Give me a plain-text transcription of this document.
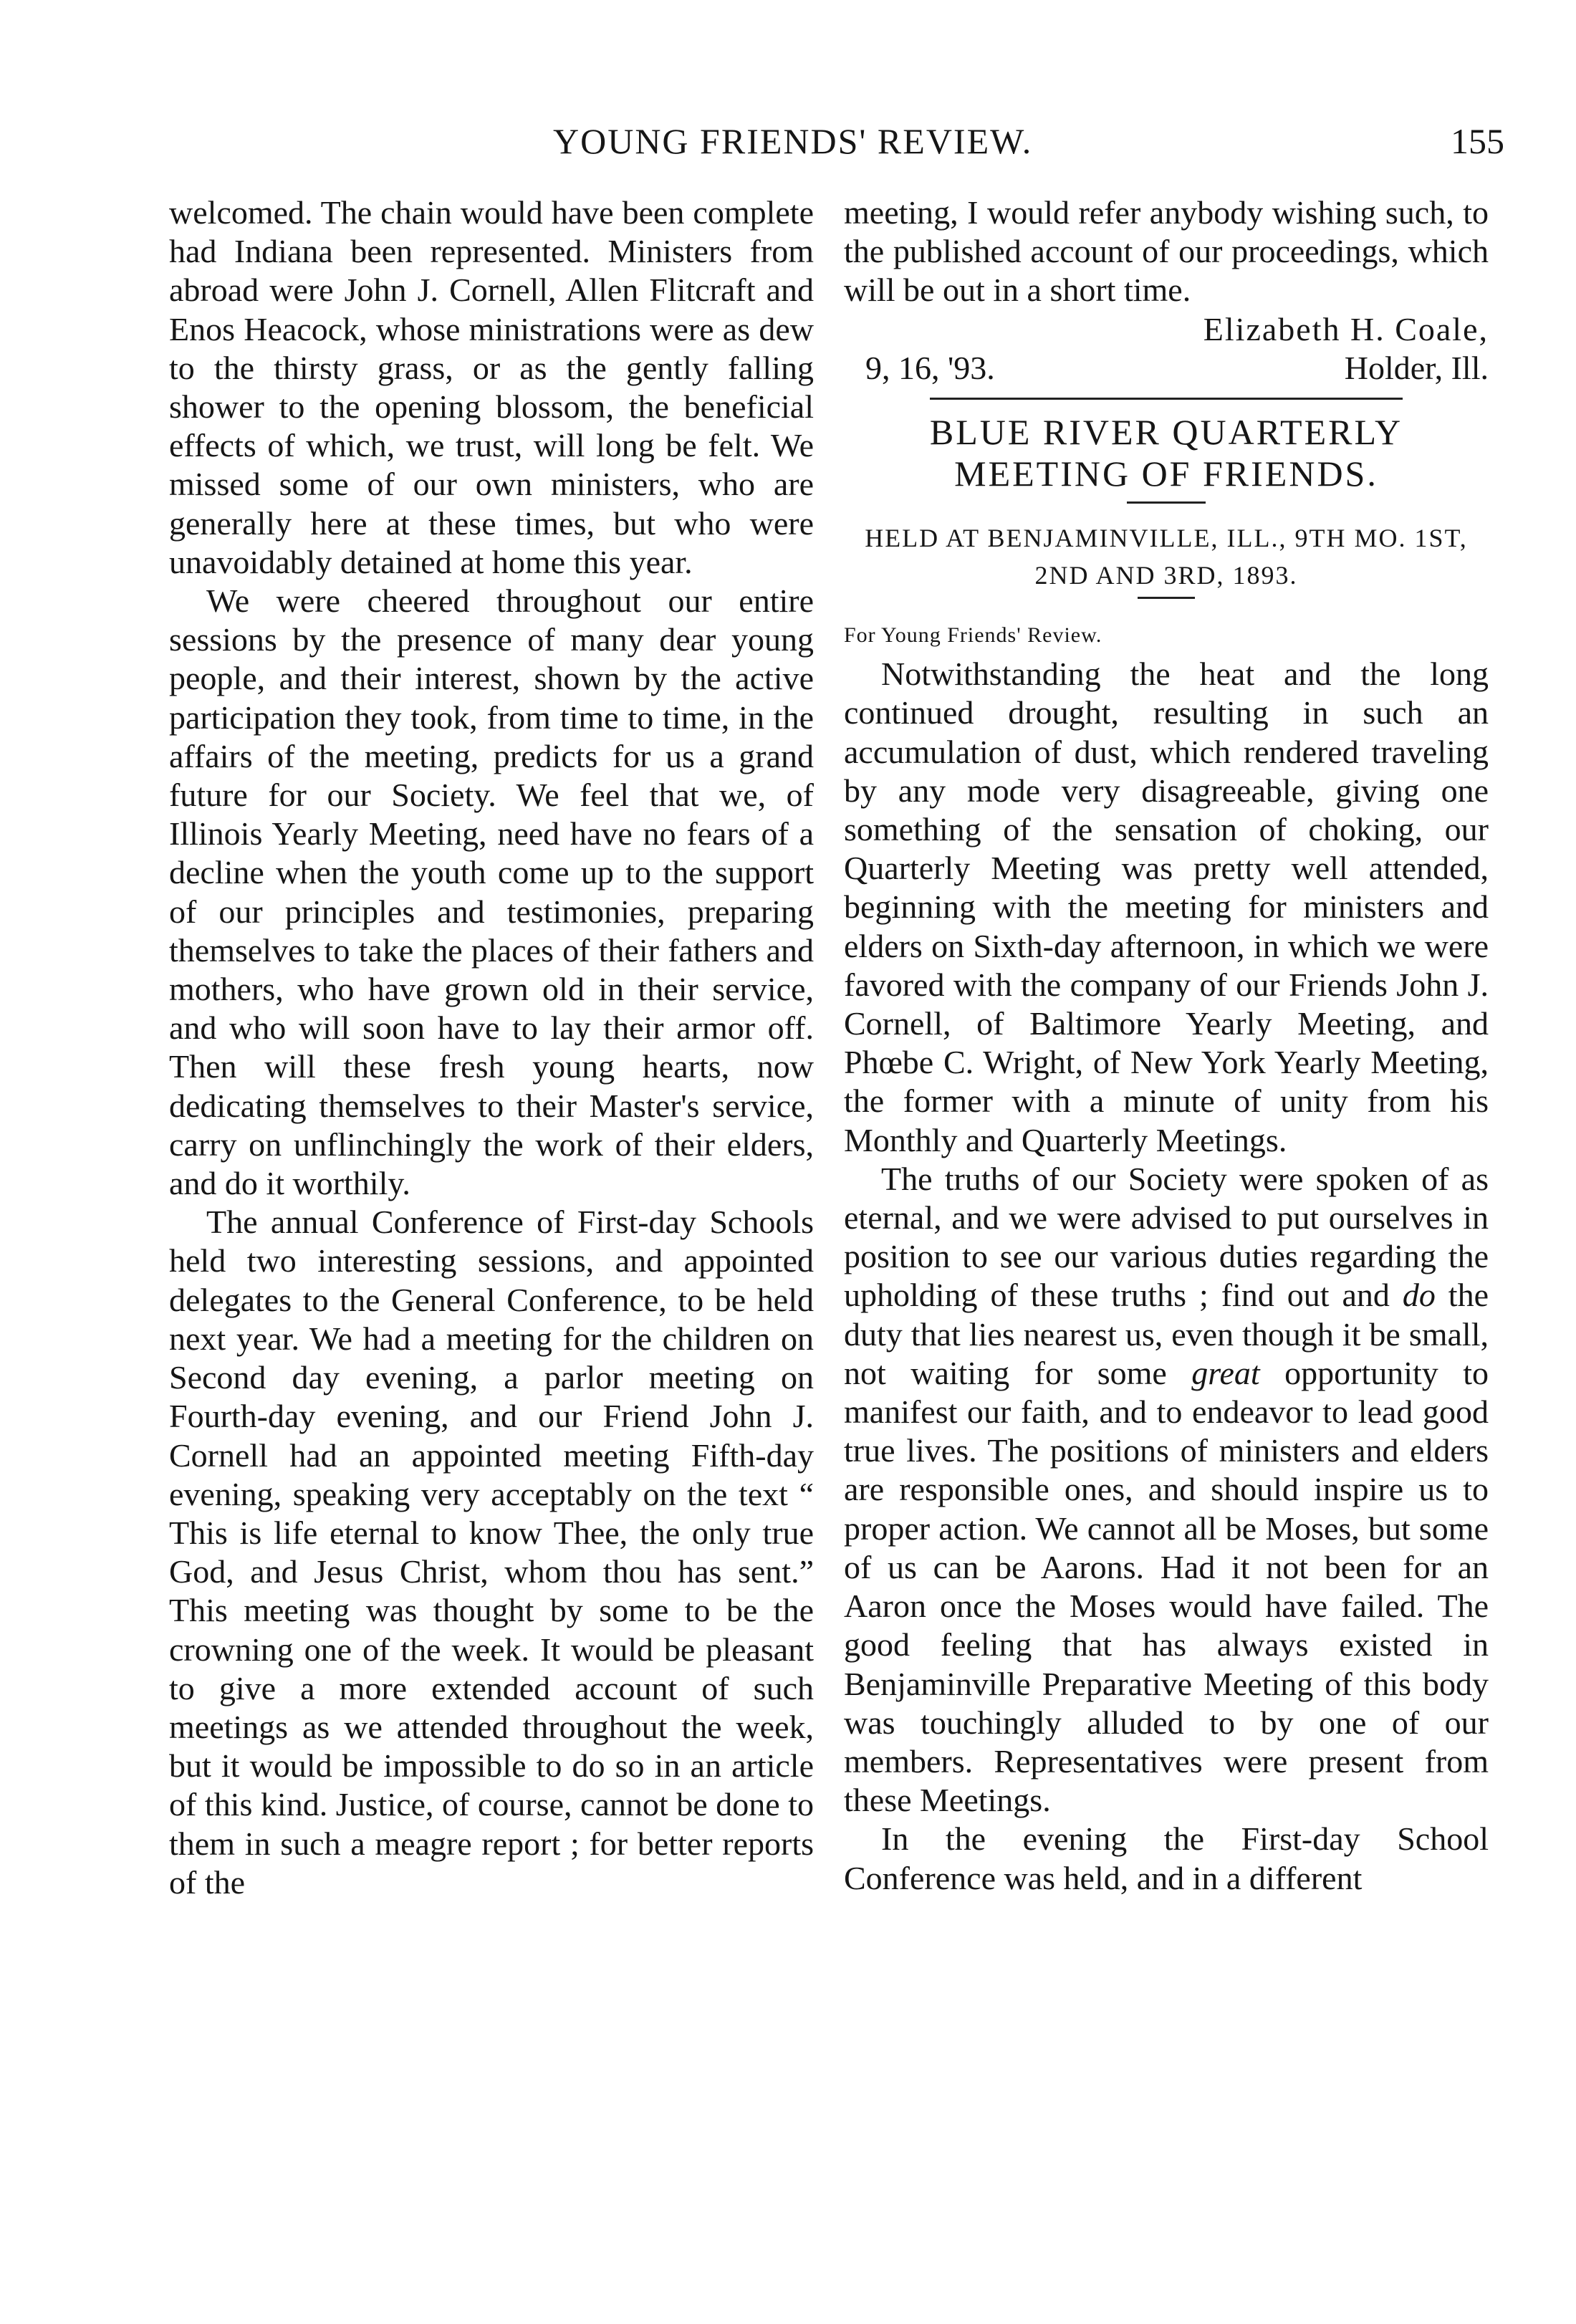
YOUNG FRIENDS' REVIEW.	155

welcomed. The chain would have been complete had Indiana been represented. Ministers from abroad were John J. Cornell, Allen Flitcraft and Enos Heacock, whose ministrations were as dew to the thirsty grass, or as the gently falling shower to the opening blossom, the beneficial effects of which, we trust, will long be felt. We missed some of our own ministers, who are generally here at these times, but who were unavoidably detained at home this year.

We were cheered throughout our entire sessions by the presence of many dear young people, and their interest, shown by the active participation they took, from time to time, in the affairs of the meeting, predicts for us a grand future for our Society. We feel that we, of Illinois Yearly Meeting, need have no fears of a decline when the youth come up to the support of our principles and testimonies, preparing themselves to take the places of their fathers and mothers, who have grown old in their service, and who will soon have to lay their armor off. Then will these fresh young hearts, now dedicating themselves to their Master's service, carry on unflinchingly the work of their elders, and do it worthily.

The annual Conference of First-day Schools held two interesting sessions, and appointed delegates to the General Conference, to be held next year. We had a meeting for the children on Second day evening, a parlor meeting on Fourth-day evening, and our Friend John J. Cornell had an appointed meeting Fifth-day evening, speaking very acceptably on the text “ This is life eternal to know Thee, the only true God, and Jesus Christ, whom thou has sent.” This meeting was thought by some to be the crowning one of the week. It would be pleasant to give a more extended account of such meetings as we attended throughout the week, but it would be impossible to do so in an article of this kind. Justice, of course, cannot be done to them in such a meagre report ; for better reports of the

meeting, I would refer anybody wishing such, to the published account of our proceedings, which will be out in a short time.

Elizabeth H. Coale,

9, 16, '93.	Holder, Ill.

BLUE RIVER QUARTERLY MEETING OF FRIENDS.

HELD AT BENJAMINVILLE, ILL., 9TH MO. 1ST, 2ND AND 3RD, 1893.

For Young Friends' Review.

Notwithstanding the heat and the long continued drought, resulting in such an accumulation of dust, which rendered traveling by any mode very disagreeable, giving one something of the sensation of choking, our Quarterly Meeting was pretty well attended, beginning with the meeting for ministers and elders on Sixth-day afternoon, in which we were favored with the company of our Friends John J. Cornell, of Baltimore Yearly Meeting, and Phœbe C. Wright, of New York Yearly Meeting, the former with a minute of unity from his Monthly and Quarterly Meetings.

The truths of our Society were spoken of as eternal, and we were advised to put ourselves in position to see our various duties regarding the upholding of these truths ; find out and do the duty that lies nearest us, even though it be small, not waiting for some great opportunity to manifest our faith, and to endeavor to lead good true lives. The positions of ministers and elders are responsible ones, and should inspire us to proper action. We cannot all be Moses, but some of us can be Aarons. Had it not been for an Aaron once the Moses would have failed. The good feeling that has always existed in Benjaminville Preparative Meeting of this body was touchingly alluded to by one of our members. Representatives were present from these Meetings.

In the evening the First-day School Conference was held, and in a different
